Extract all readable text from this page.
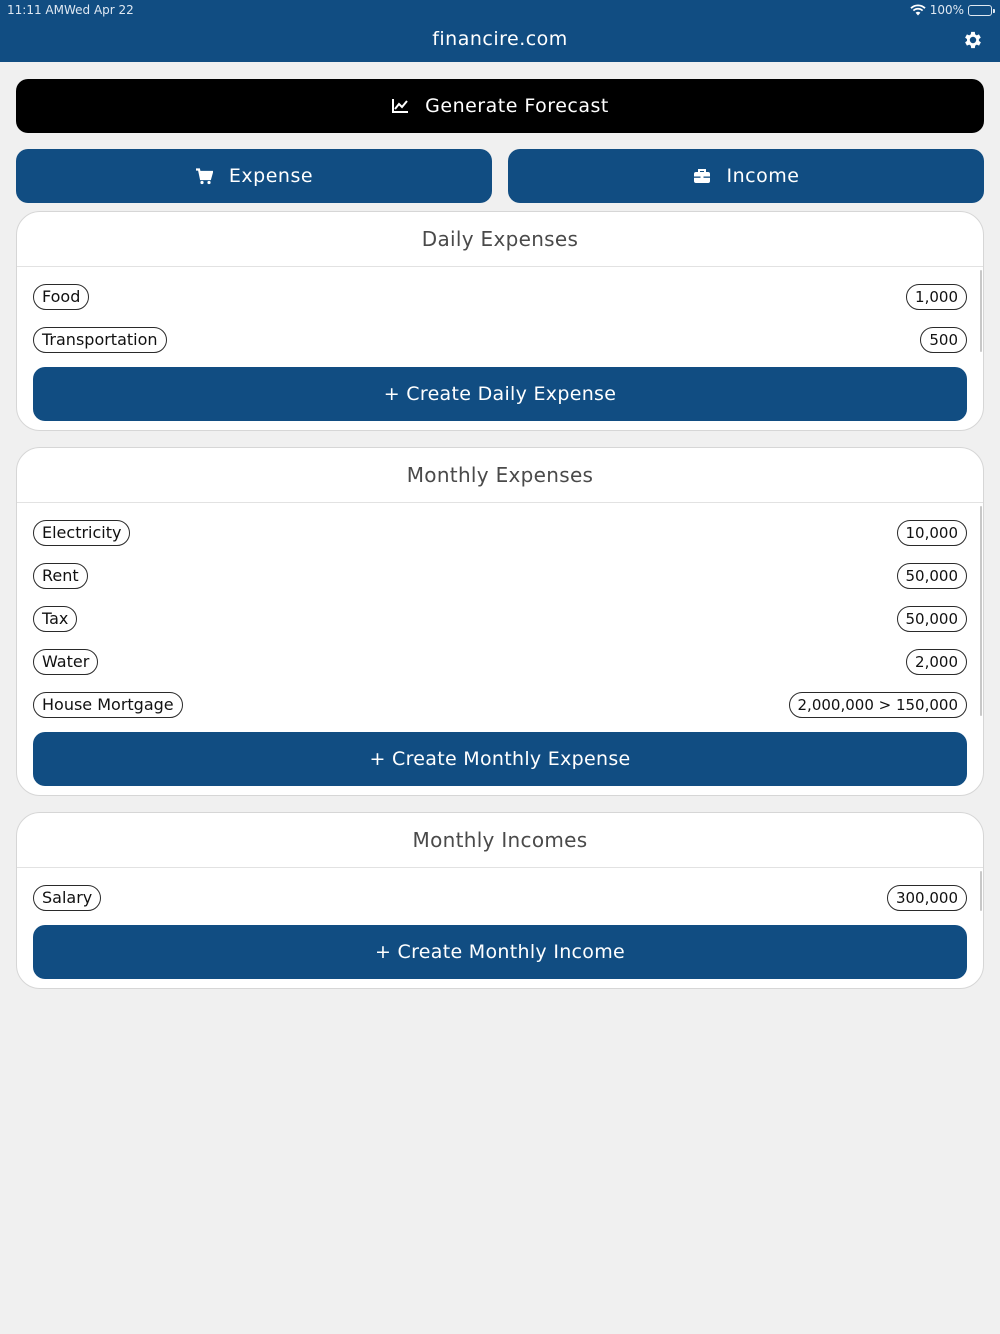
11:11 AM Wed Apr 22	100%
financire.com
Generate Forecast
Expense	Income
Daily Expenses
Food	1,000
Transportation	500
+ Create Daily Expense
Monthly Expenses
Electricity	10,000
Rent	50,000
Tax	50,000
Water	2,000
House Mortgage	2,000,000 > 150,000
+ Create Monthly Expense
Monthly Incomes
Salary	300,000
+ Create Monthly Income
